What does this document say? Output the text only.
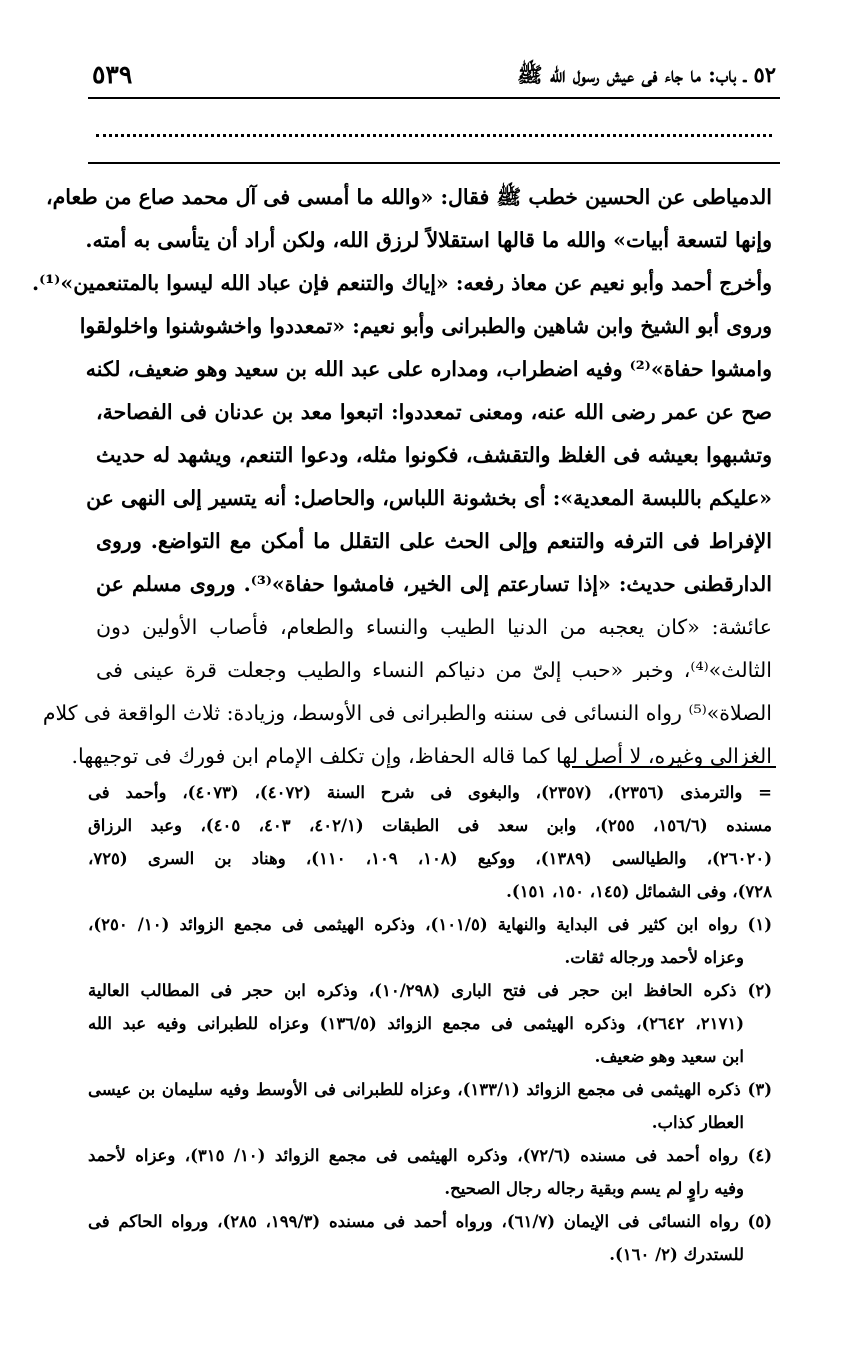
٥٢ ـ باب: ما جاء فى عيش رسول الله ﷺ
٥٣٩
الدمياطى عن الحسين خطب ﷺ فقال: «والله ما أمسى فى آل محمد صاع من طعام،
وإنها لتسعة أبيات» والله ما قالها استقلالاً لرزق الله، ولكن أراد أن يتأسى به أمته.
وأخرج أحمد وأبو نعيم عن معاذ رفعه: «إياك والتنعم فإن عباد الله ليسوا بالمتنعمين»⁽¹⁾.
وروى أبو الشيخ وابن شاهين والطبرانى وأبو نعيم: «تمعددوا واخشوشنوا واخلولقوا
وامشوا حفاة»⁽²⁾ وفيه اضطراب، ومداره على عبد الله بن سعيد وهو ضعيف، لكنه
صح عن عمر رضى الله عنه، ومعنى تمعددوا: اتبعوا معد بن عدنان فى الفصاحة،
وتشبهوا بعيشه فى الغلظ والتقشف، فكونوا مثله، ودعوا التنعم، ويشهد له حديث
«عليكم باللبسة المعدية»: أى بخشونة اللباس، والحاصل: أنه يتسير إلى النهى عن
الإفراط فى الترفه والتنعم وإلى الحث على التقلل ما أمكن مع التواضع. وروى
الدارقطنى حديث: «إذا تسارعتم إلى الخير، فامشوا حفاة»⁽³⁾. وروى مسلم عن
عائشة: «كان يعجبه من الدنيا الطيب والنساء والطعام، فأصاب الأولين دون
الثالث»⁽⁴⁾، وخبر «حبب إلىّ من دنياكم النساء والطيب وجعلت قرة عينى فى
الصلاة»⁽⁵⁾ رواه النسائى فى سننه والطبرانى فى الأوسط، وزيادة: ثلاث الواقعة فى كلام
الغزالى وغيره، لا أصل لها كما قاله الحفاظ، وإن تكلف الإمام ابن فورك فى توجيهها.
= والترمذى (٢٣٥٦)، (٢٣٥٧)، والبغوى فى شرح السنة (٤٠٧٢)، (٤٠٧٣)، وأحمد فى
مسنده (١٥٦/٦، ٢٥٥)، وابن سعد فى الطبقات (٤٠٢/١، ٤٠٣، ٤٠٥)، وعبد الرزاق
(٢٦٠٢٠)، والطيالسى (١٣٨٩)، ووكيع (١٠٨، ١٠٩، ١١٠)، وهناد بن السرى (٧٢٥،
٧٢٨)، وفى الشمائل (١٤٥، ١٥٠، ١٥١).
(١) رواه ابن كثير فى البداية والنهاية (١٠١/٥)، وذكره الهيثمى فى مجمع الزوائد (١٠/ ٢٥٠)،
وعزاه لأحمد ورجاله ثقات.
(٢) ذكره الحافظ ابن حجر فى فتح البارى (١٠/٢٩٨)، وذكره ابن حجر فى المطالب العالية
(٢١٧١، ٢٦٤٢)، وذكره الهيثمى فى مجمع الزوائد (١٣٦/٥) وعزاه للطبرانى وفيه عبد الله
ابن سعيد وهو ضعيف.
(٣) ذكره الهيثمى فى مجمع الزوائد (١٣٣/١)، وعزاه للطبرانى فى الأوسط وفيه سليمان بن عيسى
العطار كذاب.
(٤) رواه أحمد فى مسنده (٧٢/٦)، وذكره الهيثمى فى مجمع الزوائد (١٠/ ٣١٥)، وعزاه لأحمد
وفيه راوٍ لم يسم وبقية رجاله رجال الصحيح.
(٥) رواه النسائى فى الإيمان (٦١/٧)، ورواه أحمد فى مسنده (١٩٩/٣، ٢٨٥)، ورواه الحاكم فى
للستدرك (٢/ ١٦٠).
